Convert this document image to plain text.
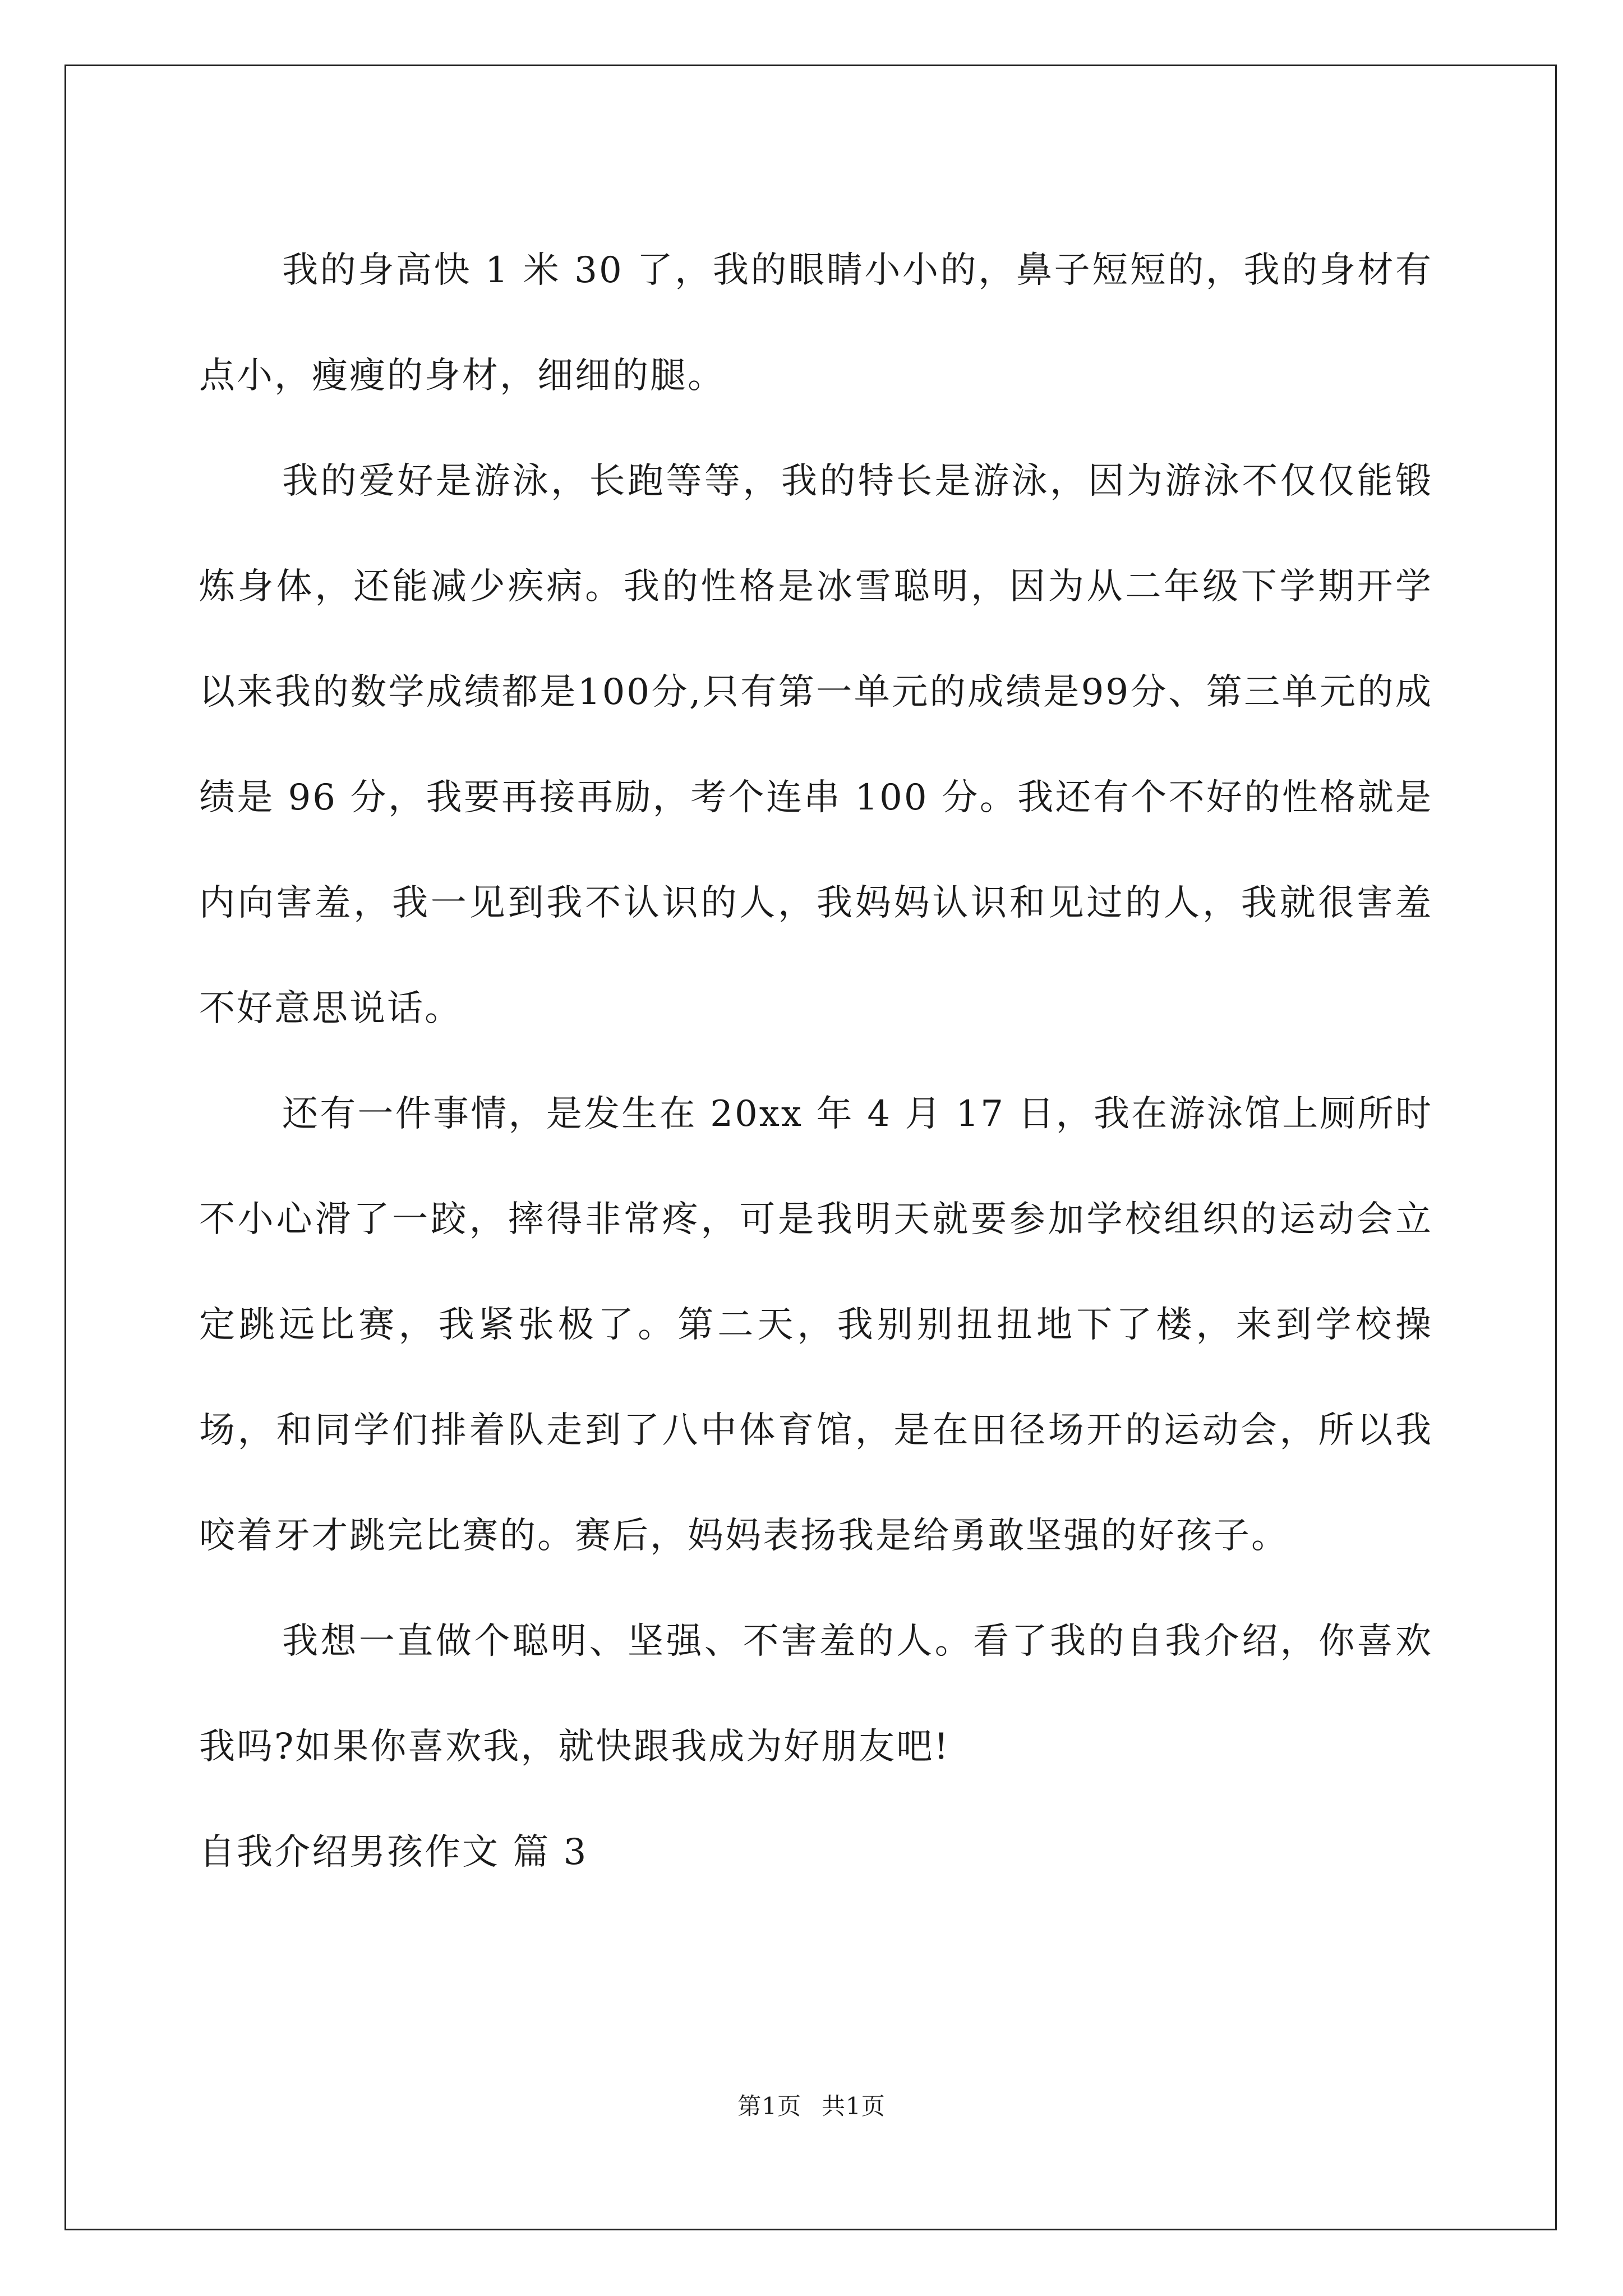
我的身高快 1 米 30 了，我的眼睛小小的，鼻子短短的，我的身材有点小，瘦瘦的身材，细细的腿。

我的爱好是游泳，长跑等等，我的特长是游泳，因为游泳不仅仅能锻炼身体，还能减少疾病。我的性格是冰雪聪明，因为从二年级下学期开学以来我的数学成绩都是100分,只有第一单元的成绩是99分、第三单元的成绩是 96 分，我要再接再励，考个连串 100 分。我还有个不好的性格就是内向害羞，我一见到我不认识的人，我妈妈认识和见过的人，我就很害羞不好意思说话。

还有一件事情，是发生在 20xx 年 4 月 17 日，我在游泳馆上厕所时不小心滑了一跤，摔得非常疼，可是我明天就要参加学校组织的运动会立定跳远比赛，我紧张极了。第二天，我别别扭扭地下了楼，来到学校操场，和同学们排着队走到了八中体育馆，是在田径场开的运动会，所以我咬着牙才跳完比赛的。赛后，妈妈表扬我是给勇敢坚强的好孩子。

我想一直做个聪明、坚强、不害羞的人。看了我的自我介绍，你喜欢我吗?如果你喜欢我，就快跟我成为好朋友吧!

自我介绍男孩作文 篇 3

第1页 共1页
